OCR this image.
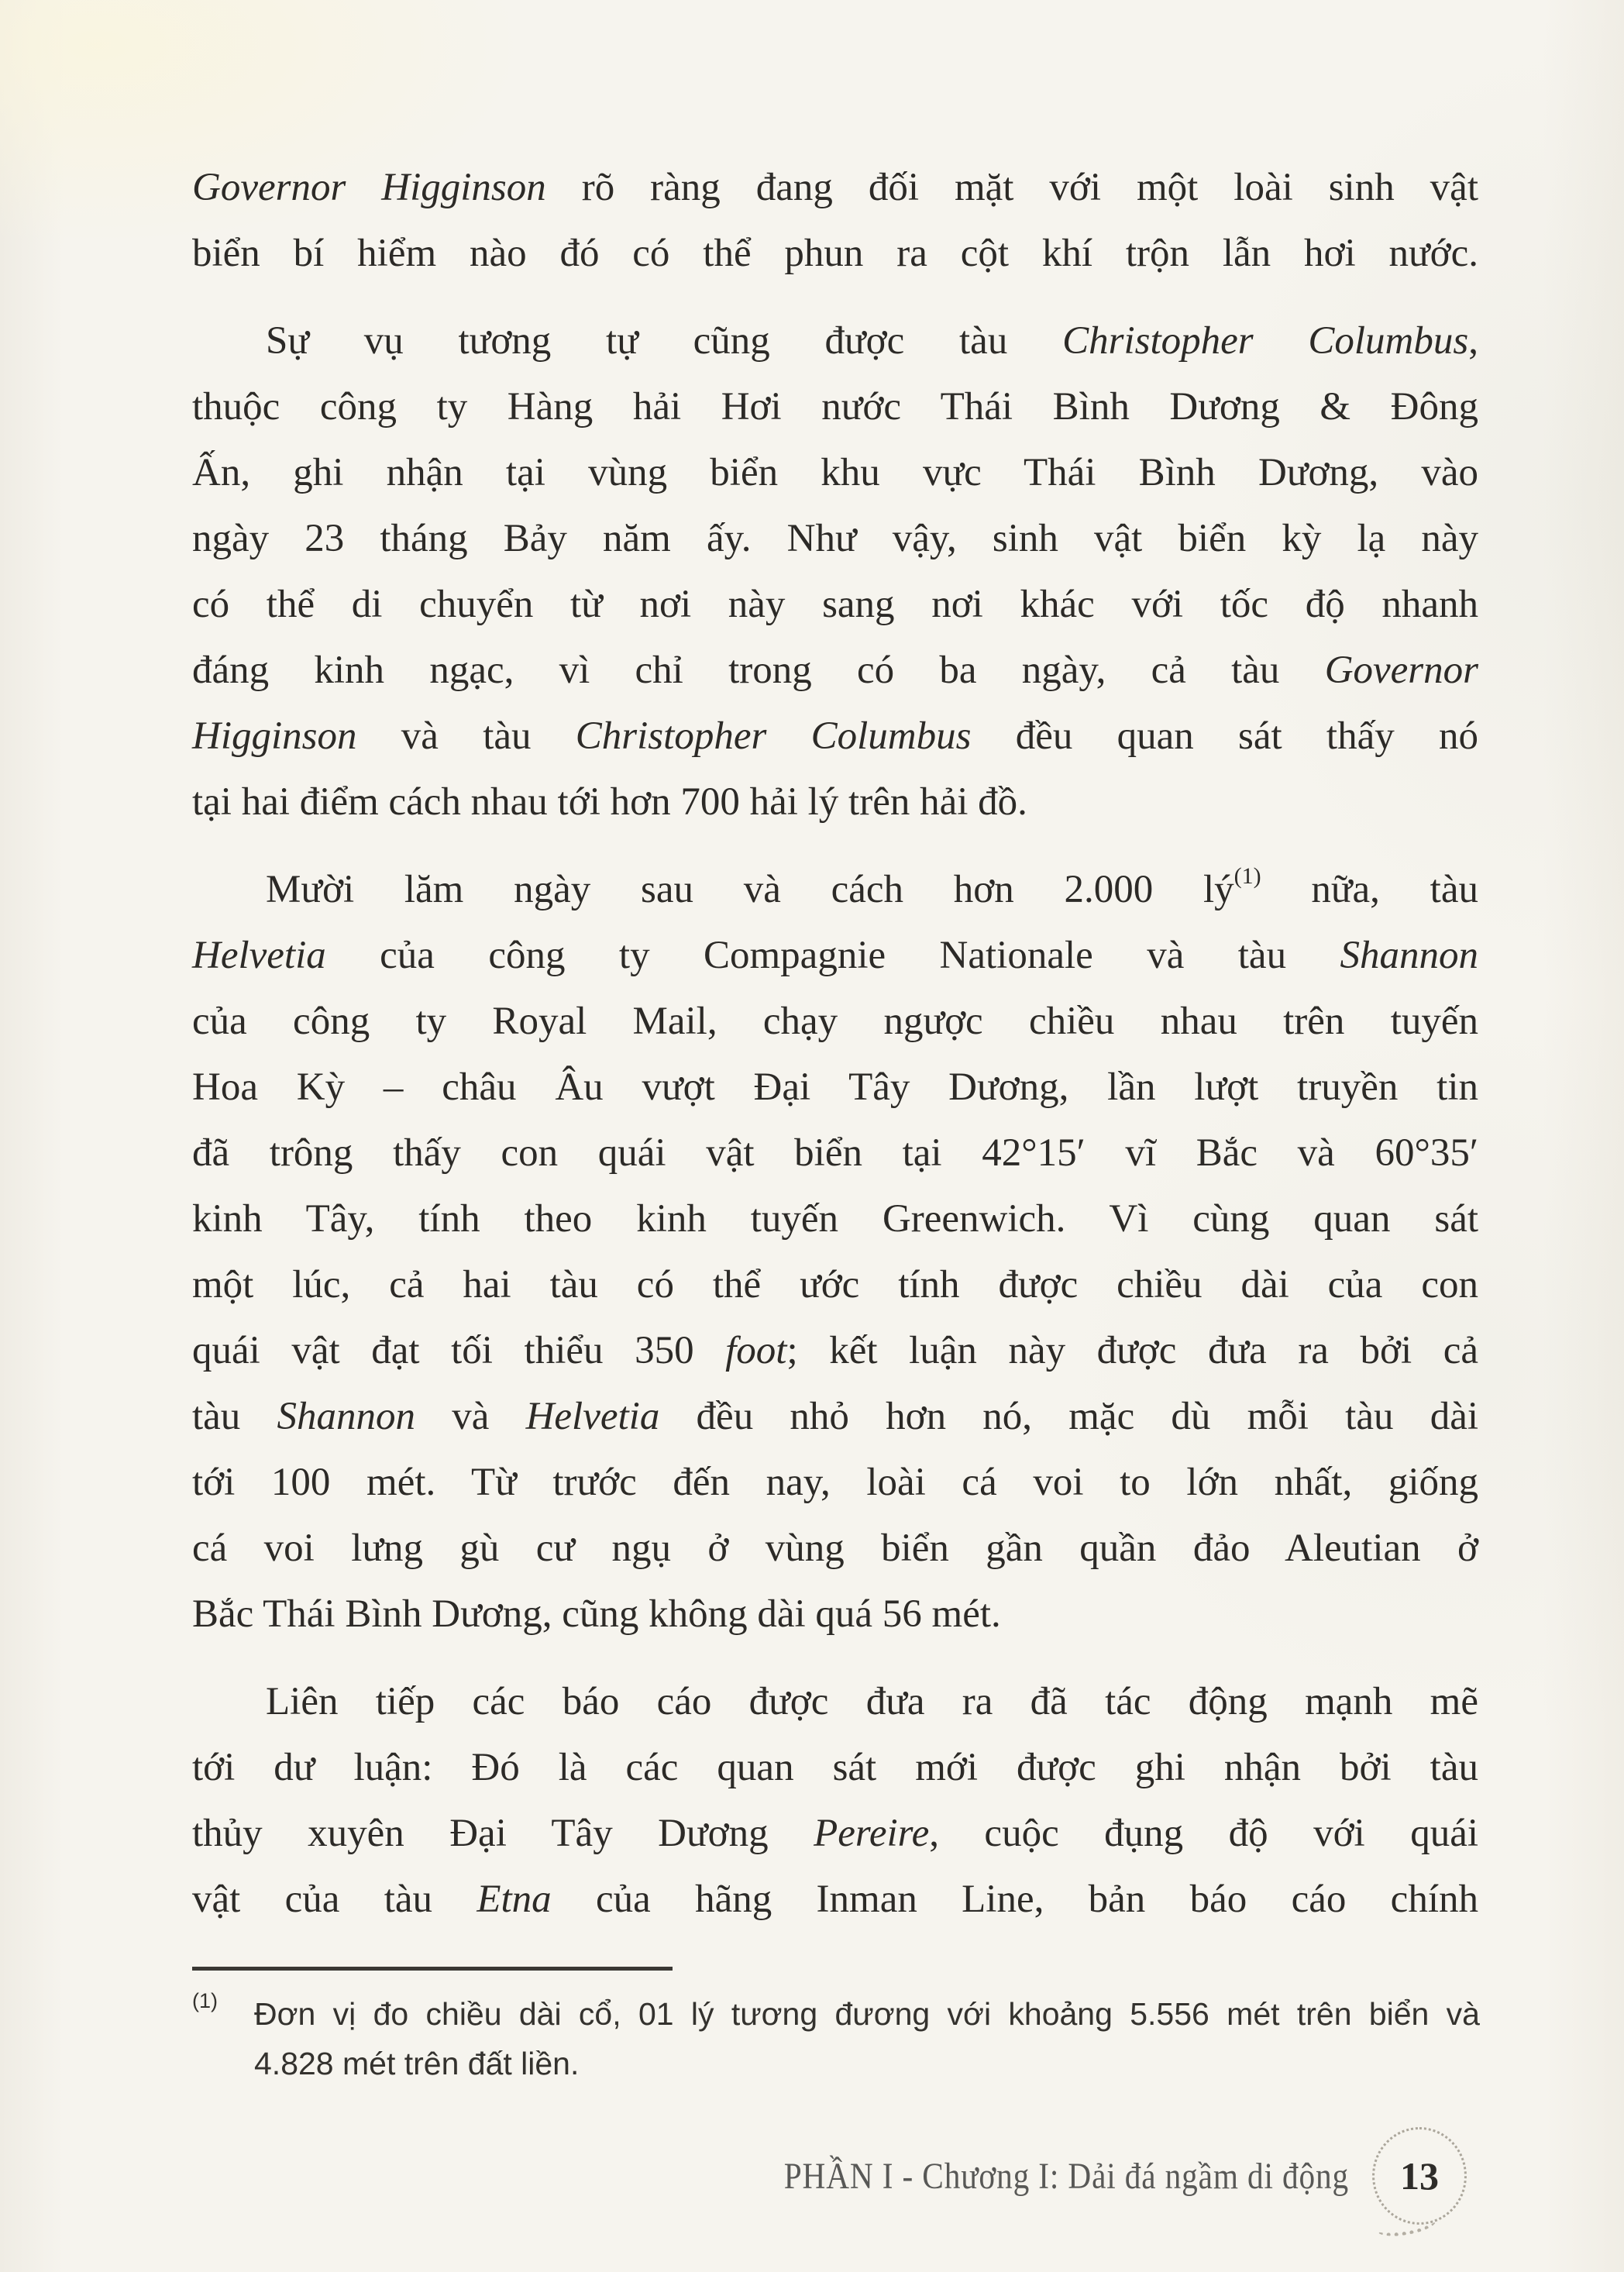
Governor Higginson rõ ràng đang đối mặt với một loài sinh vật
biển bí hiểm nào đó có thể phun ra cột khí trộn lẫn hơi nước.
Sự vụ tương tự cũng được tàu Christopher Columbus,
thuộc công ty Hàng hải Hơi nước Thái Bình Dương & Đông
Ấn, ghi nhận tại vùng biển khu vực Thái Bình Dương, vào
ngày 23 tháng Bảy năm ấy. Như vậy, sinh vật biển kỳ lạ này
có thể di chuyển từ nơi này sang nơi khác với tốc độ nhanh
đáng kinh ngạc, vì chỉ trong có ba ngày, cả tàu Governor
Higginson và tàu Christopher Columbus đều quan sát thấy nó
tại hai điểm cách nhau tới hơn 700 hải lý trên hải đồ.
Mười lăm ngày sau và cách hơn 2.000 $lý^{(1)}$ nữa, tàu
Helvetia của công ty Compagnie Nationale và tàu Shannon
của công ty Royal Mail, chạy ngược chiều nhau trên tuyến
Hoa Kỳ – châu Âu vượt Đại Tây Dương, lần lượt truyền tin
đã trông thấy con quái vật biển tại 42°15′ vĩ Bắc và 60°35′
kinh Tây, tính theo kinh tuyến Greenwich. Vì cùng quan sát
một lúc, cả hai tàu có thể ước tính được chiều dài của con
quái vật đạt tối thiểu 350 foot; kết luận này được đưa ra bởi cả
tàu Shannon và Helvetia đều nhỏ hơn nó, mặc dù mỗi tàu dài
tới 100 mét. Từ trước đến nay, loài cá voi to lớn nhất, giống
cá voi lưng gù cư ngụ ở vùng biển gần quần đảo Aleutian ở
Bắc Thái Bình Dương, cũng không dài quá 56 mét.
Liên tiếp các báo cáo được đưa ra đã tác động mạnh mẽ
tới dư luận: Đó là các quan sát mới được ghi nhận bởi tàu
thủy xuyên Đại Tây Dương Pereire, cuộc đụng độ với quái
vật của tàu Etna của hãng Inman Line, bản báo cáo chính
(1) Đơn vị đo chiều dài cổ, 01 lý tương đương với khoảng 5.556 mét trên biển và
4.828 mét trên đất liền.
PHẦN I - Chương I: Dải đá ngầm di động 13
